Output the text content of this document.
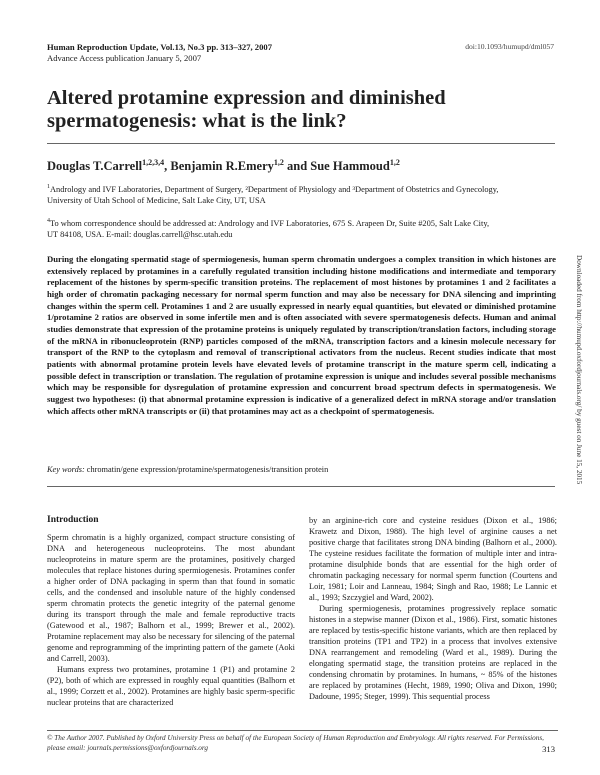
Human Reproduction Update, Vol.13, No.3 pp. 313–327, 2007
Advance Access publication January 5, 2007
doi:10.1093/humupd/dml057
Altered protamine expression and diminished
spermatogenesis: what is the link?
Douglas T.Carrell$^{1,2,3,4}$, Benjamin R.Emery$^{1,2}$ and Sue Hammoud$^{1,2}$
$^1$Andrology and IVF Laboratories, Department of Surgery, ²Department of Physiology and ³Department of Obstetrics and Gynecology,
University of Utah School of Medicine, Salt Lake City, UT, USA
$^4$To whom correspondence should be addressed at: Andrology and IVF Laboratories, 675 S. Arapeen Dr, Suite #205, Salt Lake City,
UT 84108, USA. E-mail: douglas.carrell@hsc.utah.edu
During the elongating spermatid stage of spermiogenesis, human sperm chromatin undergoes a complex transition in which histones are extensively replaced by protamines in a carefully regulated transition including histone modifications and intermediate and temporary replacement of the histones by sperm-specific transition proteins. The replacement of most histones by protamines 1 and 2 facilitates a high order of chromatin packaging necessary for normal sperm function and may also be necessary for DNA silencing and imprinting changes within the sperm cell. Protamines 1 and 2 are usually expressed in nearly equal quantities, but elevated or diminished protamine 1/protamine 2 ratios are observed in some infertile men and is often associated with severe spermatogenesis defects. Human and animal studies demonstrate that expression of the protamine proteins is uniquely regulated by transcription/translation factors, including storage of the mRNA in ribonucleoprotein (RNP) particles composed of the mRNA, transcription factors and a kinesin molecule necessary for transport of the RNP to the cytoplasm and removal of transcriptional activators from the nucleus. Recent studies indicate that most patients with abnormal protamine protein levels have elevated levels of protamine transcript in the mature sperm cell, indicating a possible defect in transcription or translation. The regulation of protamine expression is unique and includes several possible mechanisms which may be responsible for dysregulation of protamine expression and concurrent broad spectrum defects in spermatogenesis. We suggest two hypotheses: (i) that abnormal protamine expression is indicative of a generalized defect in mRNA storage and/or translation which affects other mRNA transcripts or (ii) that protamines may act as a checkpoint of spermatogenesis.
Key words: chromatin/gene expression/protamine/spermatogenesis/transition protein
Introduction

Sperm chromatin is a highly organized, compact structure consisting of DNA and heterogeneous nucleoproteins. The most abundant nucleoproteins in mature sperm are the protamines, positively charged molecules that replace histones during spermiogenesis. Protamines confer a higher order of DNA packaging in sperm than that found in somatic cells, and the condensed and insoluble nature of the highly condensed sperm chromatin protects the genetic integrity of the paternal genome during its transport through the male and female reproductive tracts (Gatewood et al., 1987; Balhorn et al., 1999; Brewer et al., 2002). Protamine replacement may also be necessary for silencing of the paternal genome and reprogramming of the imprinting pattern of the gamete (Aoki and Carrell, 2003).

Humans express two protamines, protamine 1 (P1) and protamine 2 (P2), both of which are expressed in roughly equal quantities (Balhorn et al., 1999; Corzett et al., 2002). Protamines are highly basic sperm-specific nuclear proteins that are characterized

by an arginine-rich core and cysteine residues (Dixon et al., 1986; Krawetz and Dixon, 1988). The high level of arginine causes a net positive charge that facilitates strong DNA binding (Balhorn et al., 2000). The cysteine residues facilitate the formation of multiple inter and intra-protamine disulphide bonds that are essential for the high order of chromatin packaging necessary for normal sperm function (Courtens and Loir, 1981; Loir and Lanneau, 1984; Singh and Rao, 1988; Le Lannic et al., 1993; Szczygiel and Ward, 2002).

During spermiogenesis, protamines progressively replace somatic histones in a stepwise manner (Dixon et al., 1986). First, somatic histones are replaced by testis-specific histone variants, which are then replaced by transition proteins (TP1 and TP2) in a process that involves extensive DNA rearrangement and remodeling (Ward et al., 1989). During the elongating spermatid stage, the transition proteins are replaced in the condensing chromatin by protamines. In humans, ~ 85% of the histones are replaced by protamines (Hecht, 1989, 1990; Oliva and Dixon, 1990; Dadoune, 1995; Steger, 1999). This sequential process

© The Author 2007. Published by Oxford University Press on behalf of the European Society of Human Reproduction and Embryology. All rights reserved. For Permissions, please email: journals.permissions@oxfordjournals.org	313
Downloaded from http://humupd.oxfordjournals.org/ by guest on June 15, 2015
